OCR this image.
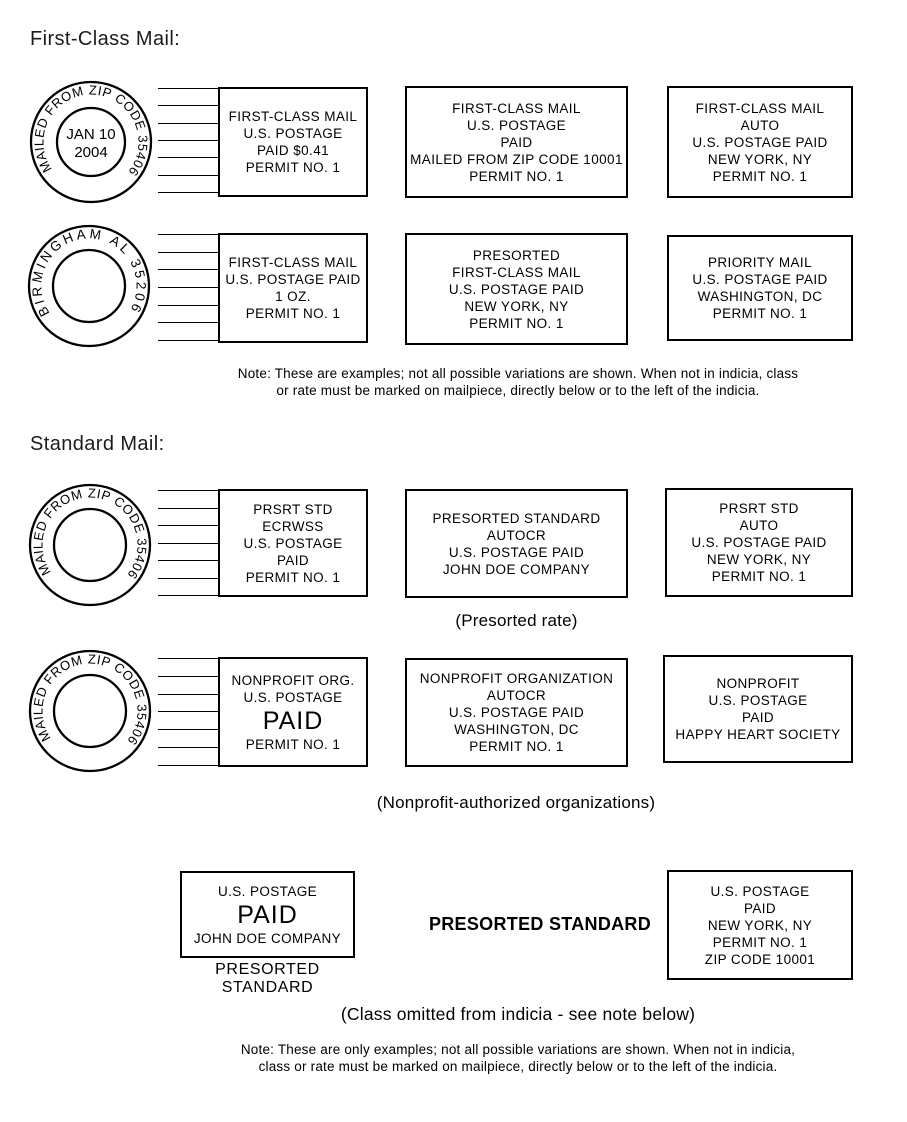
First-Class Mail:
MAILED FROM ZIP CODE 35406
JAN 10
2004
FIRST-CLASS MAIL
U.S. POSTAGE
PAID $0.41
PERMIT NO. 1
FIRST-CLASS MAIL
U.S. POSTAGE
PAID
MAILED FROM ZIP CODE 10001
PERMIT NO. 1
FIRST-CLASS MAIL
AUTO
U.S. POSTAGE PAID
NEW YORK, NY
PERMIT NO. 1
BIRMINGHAM AL 35206
FIRST-CLASS MAIL
U.S. POSTAGE PAID
1 OZ.
PERMIT NO. 1
PRESORTED
FIRST-CLASS MAIL
U.S. POSTAGE PAID
NEW YORK, NY
PERMIT NO. 1
PRIORITY MAIL
U.S. POSTAGE PAID
WASHINGTON, DC
PERMIT NO. 1
Note: These are examples; not all possible variations are shown. When not in indicia, class
or rate must be marked on mailpiece, directly below or to the left of the indicia.
Standard Mail:
MAILED FROM ZIP CODE 35406
PRSRT STD
ECRWSS
U.S. POSTAGE
PAID
PERMIT NO. 1
PRESORTED STANDARD
AUTOCR
U.S. POSTAGE PAID
JOHN DOE COMPANY
PRSRT STD
AUTO
U.S. POSTAGE PAID
NEW YORK, NY
PERMIT NO. 1
(Presorted rate)
MAILED FROM ZIP CODE 35406
NONPROFIT ORG.
U.S. POSTAGE
PAID
PERMIT NO. 1
NONPROFIT ORGANIZATION
AUTOCR
U.S. POSTAGE PAID
WASHINGTON, DC
PERMIT NO. 1
NONPROFIT
U.S. POSTAGE
PAID
HAPPY HEART SOCIETY
(Nonprofit-authorized organizations)
U.S. POSTAGE
PAID
JOHN DOE COMPANY
PRESORTED STANDARD
PRESORTED STANDARD
U.S. POSTAGE
PAID
NEW YORK, NY
PERMIT NO. 1
ZIP CODE 10001
(Class omitted from indicia - see note below)
Note: These are only examples; not all possible variations are shown. When not in indicia,
class or rate must be marked on mailpiece, directly below or to the left of the indicia.
